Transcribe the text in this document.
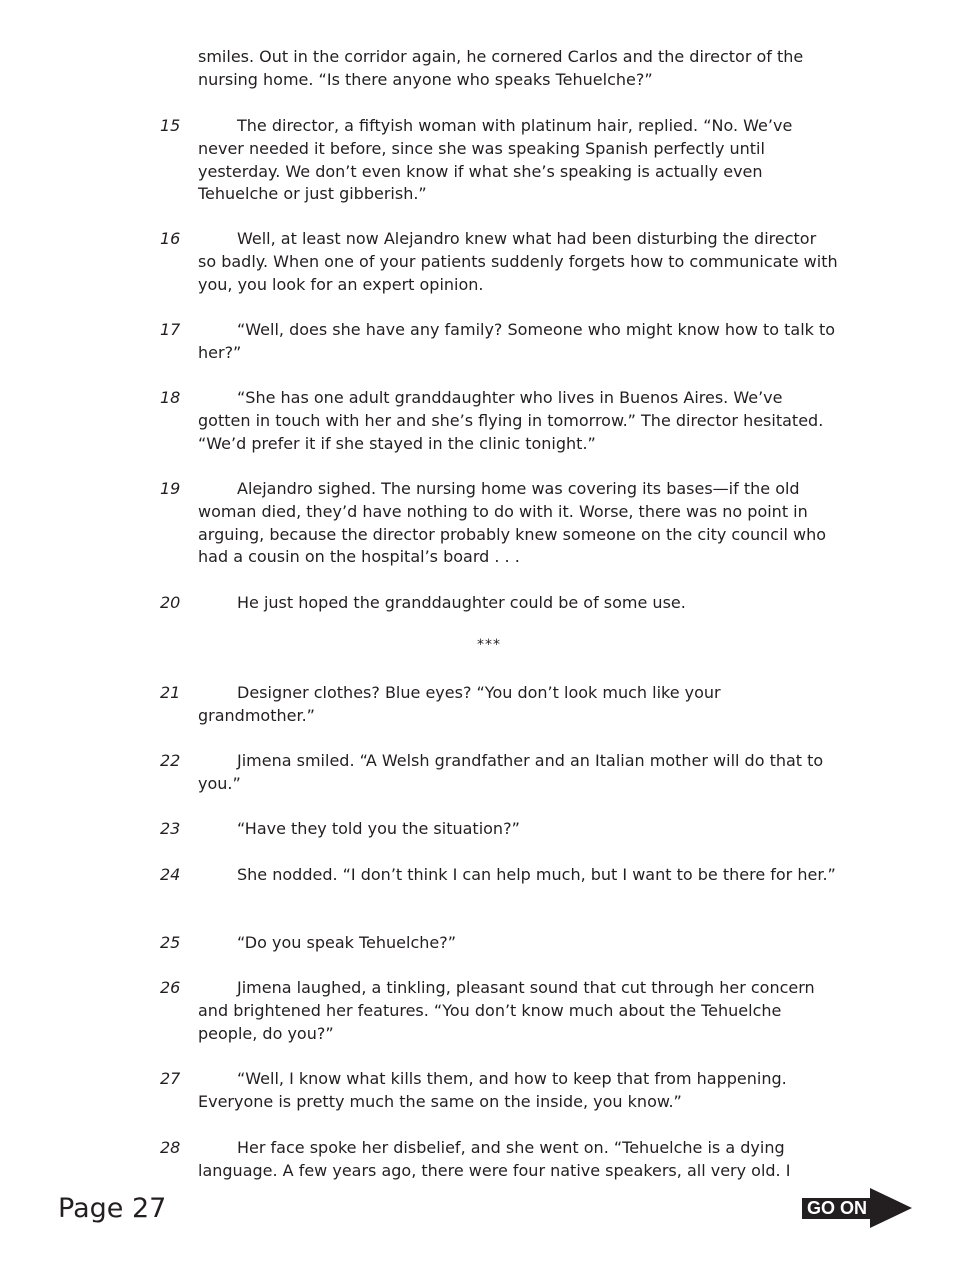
smiles. Out in the corridor again, he cornered Carlos and the director of the nursing home. “Is there anyone who speaks Tehuelche?”
15	The director, a fiftyish woman with platinum hair, replied. “No. We’ve never needed it before, since she was speaking Spanish perfectly until yesterday. We don’t even know if what she’s speaking is actually even Tehuelche or just gibberish.”
16	Well, at least now Alejandro knew what had been disturbing the director so badly. When one of your patients suddenly forgets how to communicate with you, you look for an expert opinion.
17	“Well, does she have any family? Someone who might know how to talk to her?”
18	“She has one adult granddaughter who lives in Buenos Aires. We’ve gotten in touch with her and she’s flying in tomorrow.” The director hesitated. “We’d prefer it if she stayed in the clinic tonight.”
19	Alejandro sighed. The nursing home was covering its bases—if the old woman died, they’d have nothing to do with it. Worse, there was no point in arguing, because the director probably knew someone on the city council who had a cousin on the hospital’s board . . .
20	He just hoped the granddaughter could be of some use.
***
21	Designer clothes? Blue eyes? “You don’t look much like your grandmother.”
22	Jimena smiled. “A Welsh grandfather and an Italian mother will do that to you.”
23	“Have they told you the situation?”
24	She nodded. “I don’t think I can help much, but I want to be there for her.”
25	“Do you speak Tehuelche?”
26	Jimena laughed, a tinkling, pleasant sound that cut through her concern and brightened her features. “You don’t know much about the Tehuelche people, do you?”
27	“Well, I know what kills them, and how to keep that from happening. Everyone is pretty much the same on the inside, you know.”
28	Her face spoke her disbelief, and she went on. “Tehuelche is a dying language. A few years ago, there were four native speakers, all very old. I
Page 27	GO ON
